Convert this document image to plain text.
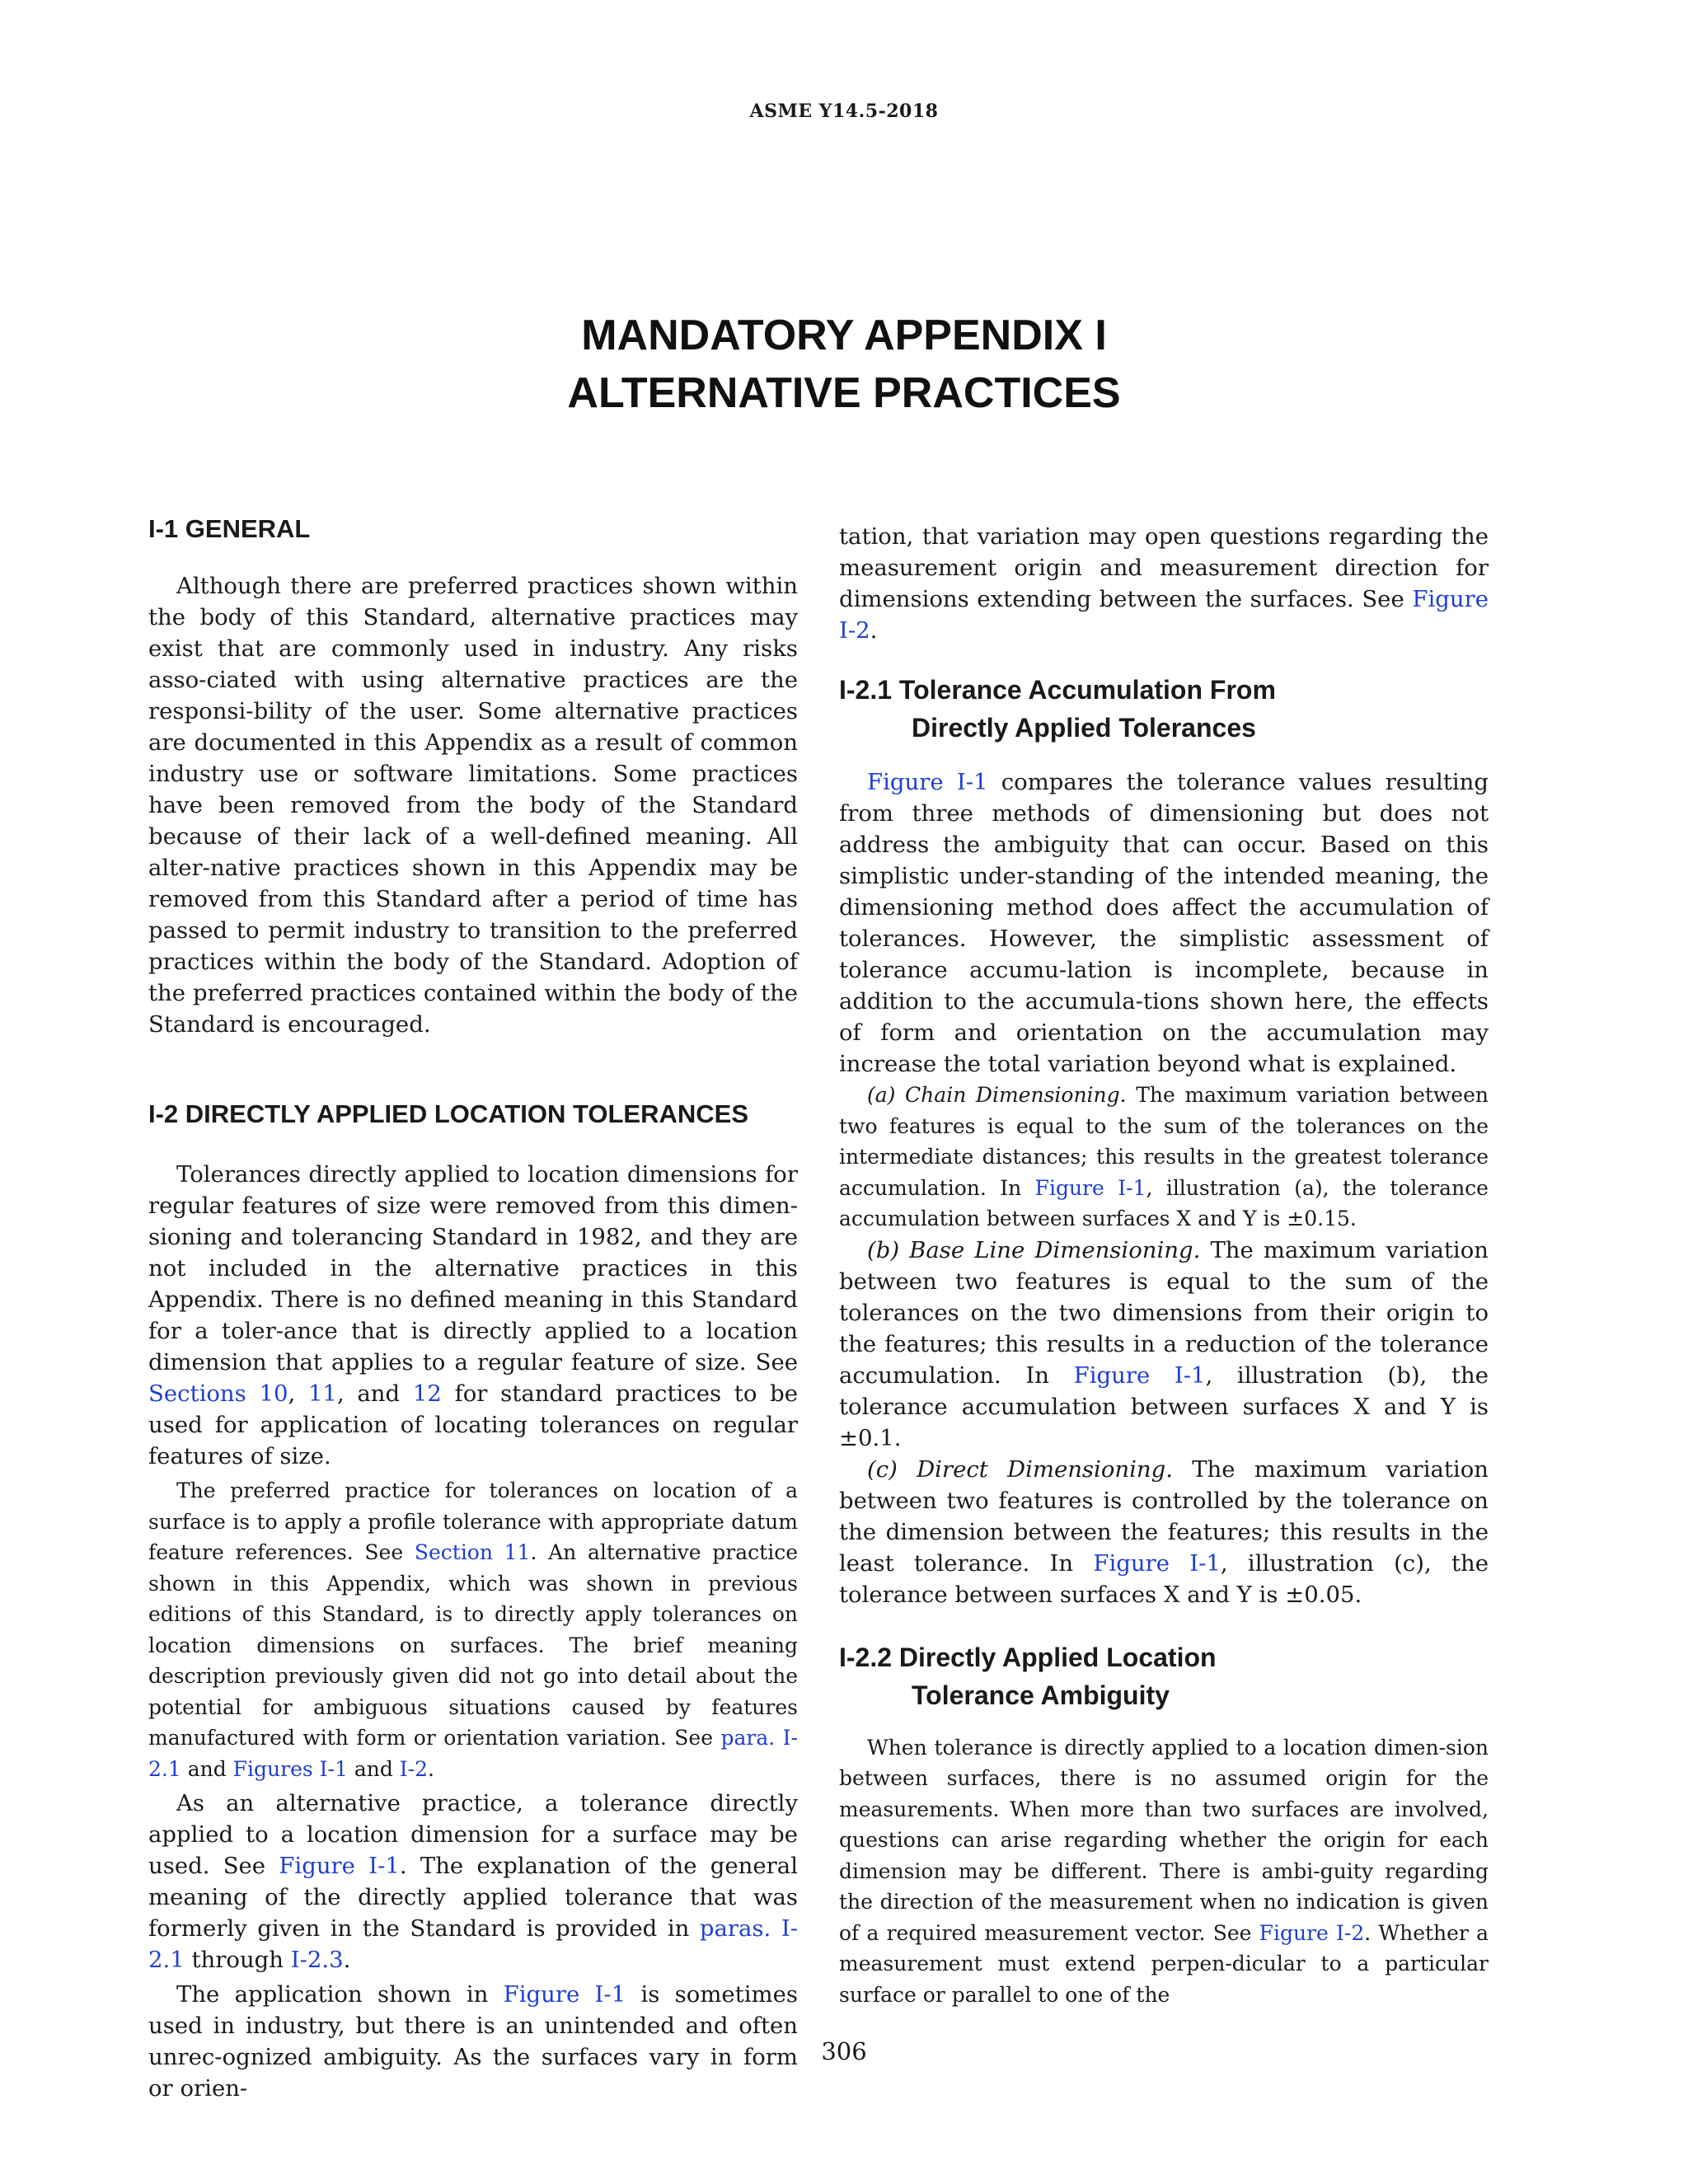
ASME Y14.5-2018
MANDATORY APPENDIX I
ALTERNATIVE PRACTICES
I-1 GENERAL

Although there are preferred practices shown within the body of this Standard, alternative practices may exist that are commonly used in industry. Any risks asso-ciated with using alternative practices are the responsi-bility of the user. Some alternative practices are documented in this Appendix as a result of common industry use or software limitations. Some practices have been removed from the body of the Standard because of their lack of a well-defined meaning. All alter-native practices shown in this Appendix may be removed from this Standard after a period of time has passed to permit industry to transition to the preferred practices within the body of the Standard. Adoption of the preferred practices contained within the body of the Standard is encouraged.

I-2 DIRECTLY APPLIED LOCATION TOLERANCES

Tolerances directly applied to location dimensions for regular features of size were removed from this dimen-sioning and tolerancing Standard in 1982, and they are not included in the alternative practices in this Appendix. There is no defined meaning in this Standard for a toler-ance that is directly applied to a location dimension that applies to a regular feature of size. See Sections 10, 11, and 12 for standard practices to be used for application of locating tolerances on regular features of size.

The preferred practice for tolerances on location of a surface is to apply a profile tolerance with appropriate datum feature references. See Section 11. An alternative practice shown in this Appendix, which was shown in previous editions of this Standard, is to directly apply tolerances on location dimensions on surfaces. The brief meaning description previously given did not go into detail about the potential for ambiguous situations caused by features manufactured with form or orientation variation. See para. I-2.1 and Figures I-1 and I-2.

As an alternative practice, a tolerance directly applied to a location dimension for a surface may be used. See Figure I-1. The explanation of the general meaning of the directly applied tolerance that was formerly given in the Standard is provided in paras. I-2.1 through I-2.3.

The application shown in Figure I-1 is sometimes used in industry, but there is an unintended and often unrec-ognized ambiguity. As the surfaces vary in form or orien-

tation, that variation may open questions regarding the measurement origin and measurement direction for dimensions extending between the surfaces. See Figure I-2.

I-2.1 Tolerance Accumulation From
Directly Applied Tolerances

Figure I-1 compares the tolerance values resulting from three methods of dimensioning but does not address the ambiguity that can occur. Based on this simplistic under-standing of the intended meaning, the dimensioning method does affect the accumulation of tolerances. However, the simplistic assessment of tolerance accumu-lation is incomplete, because in addition to the accumula-tions shown here, the effects of form and orientation on the accumulation may increase the total variation beyond what is explained.

(a) Chain Dimensioning. The maximum variation between two features is equal to the sum of the tolerances on the intermediate distances; this results in the greatest tolerance accumulation. In Figure I-1, illustration (a), the tolerance accumulation between surfaces X and Y is ±0.15.

(b) Base Line Dimensioning. The maximum variation between two features is equal to the sum of the tolerances on the two dimensions from their origin to the features; this results in a reduction of the tolerance accumulation. In Figure I-1, illustration (b), the tolerance accumulation between surfaces X and Y is ±0.1.

(c) Direct Dimensioning. The maximum variation between two features is controlled by the tolerance on the dimension between the features; this results in the least tolerance. In Figure I-1, illustration (c), the tolerance between surfaces X and Y is ±0.05.

I-2.2 Directly Applied Location
Tolerance Ambiguity

When tolerance is directly applied to a location dimen-sion between surfaces, there is no assumed origin for the measurements. When more than two surfaces are involved, questions can arise regarding whether the origin for each dimension may be different. There is ambi-guity regarding the direction of the measurement when no indication is given of a required measurement vector. See Figure I-2. Whether a measurement must extend perpen-dicular to a particular surface or parallel to one of the

306
